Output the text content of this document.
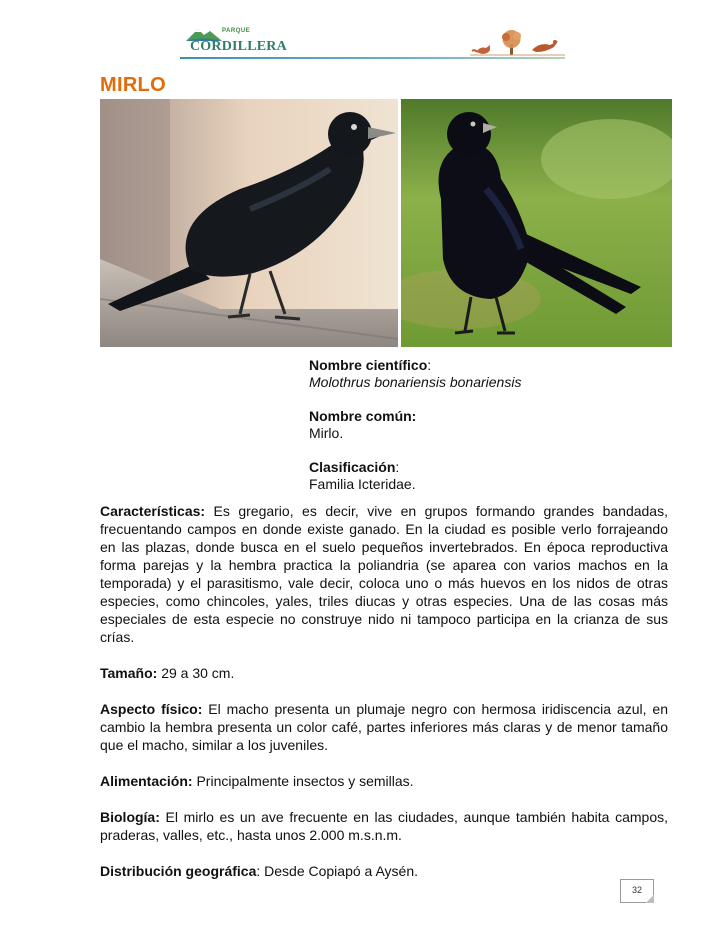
PARQUE
CORDILLERA
MIRLO
Nombre científico:
Molothrus bonariensis bonariensis
Nombre común:
Mirlo.
Clasificación:
Familia Icteridae.

Características: Es gregario, es decir, vive en grupos formando grandes bandadas, frecuentando campos en donde existe ganado. En la ciudad es posible verlo forrajeando en las plazas, donde busca en el suelo pequeños invertebrados. En época reproductiva forma parejas y la hembra practica la poliandria (se aparea con varios machos en la temporada) y el parasitismo, vale decir, coloca uno o más huevos en los nidos de otras especies, como chincoles, yales, triles diucas y otras especies. Una de las cosas más especiales de esta especie no construye nido ni tampoco participa en la crianza de sus crías.

Tamaño: 29 a 30 cm.

Aspecto físico: El macho presenta un plumaje negro con hermosa iridiscencia azul, en cambio la hembra presenta un color café, partes inferiores más claras y de menor tamaño que el macho, similar a los juveniles.

Alimentación: Principalmente insectos y semillas.

Biología: El mirlo es un ave frecuente en las ciudades, aunque también habita campos, praderas, valles, etc., hasta unos 2.000 m.s.n.m.

Distribución geográfica: Desde Copiapó a Aysén.

32
